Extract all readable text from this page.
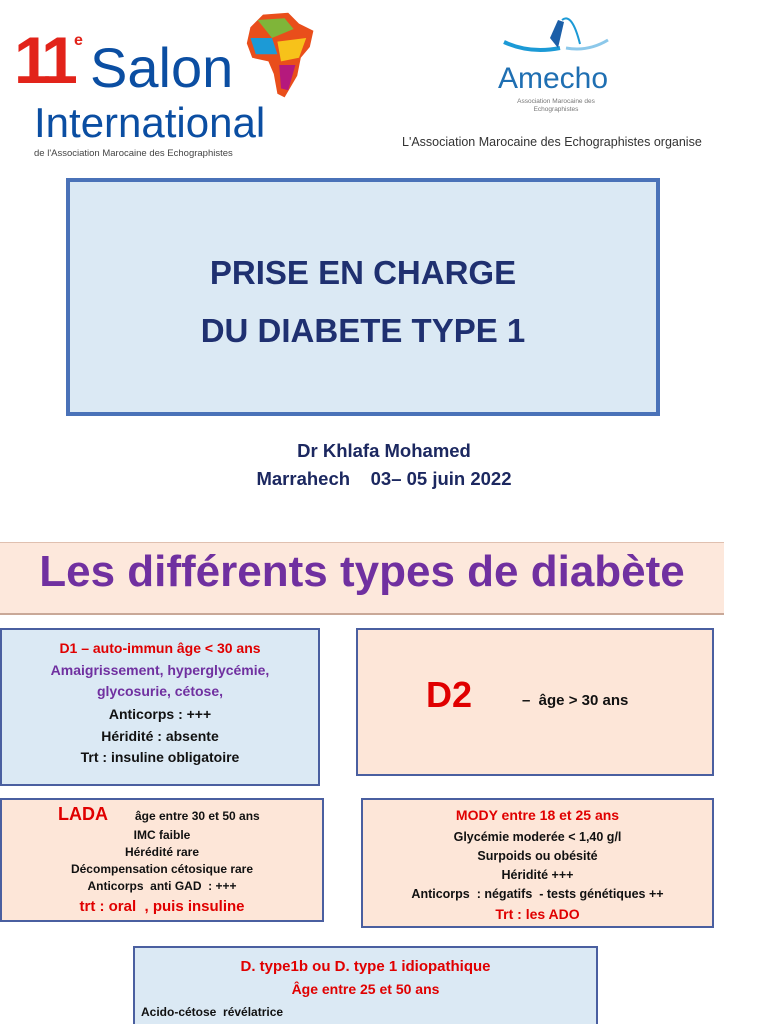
11 e Salon
International
de l'Association Marocaine des Echographistes
Amecho
Association Marocaine des Echographistes
L'Association Marocaine des Echographistes organise
PRISE EN CHARGE
DU DIABETE TYPE 1
Dr Khlafa Mohamed
Marrahech    03– 05 juin 2022
Les différents types de diabète
D1 – auto-immun âge < 30 ans
Amaigrissement, hyperglycémie,
glycosurie, cétose,
Anticorps : +++
Héridité : absente
Trt : insuline obligatoire
D2	–  âge > 30 ans
LADA âge entre 30 et 50 ans
IMC faible
Hérédité rare
Décompensation cétosique rare
Anticorps  anti GAD  : +++
trt : oral  , puis insuline
MODY entre 18 et 25 ans
Glycémie moderée < 1,40 g/l
Surpoids ou obésité
Héridité +++
Anticorps  : négatifs  - tests génétiques ++
Trt : les ADO
D. type1b ou D. type 1 idiopathique
Âge entre 25 et 50 ans
Acido-cétose  révélatrice
